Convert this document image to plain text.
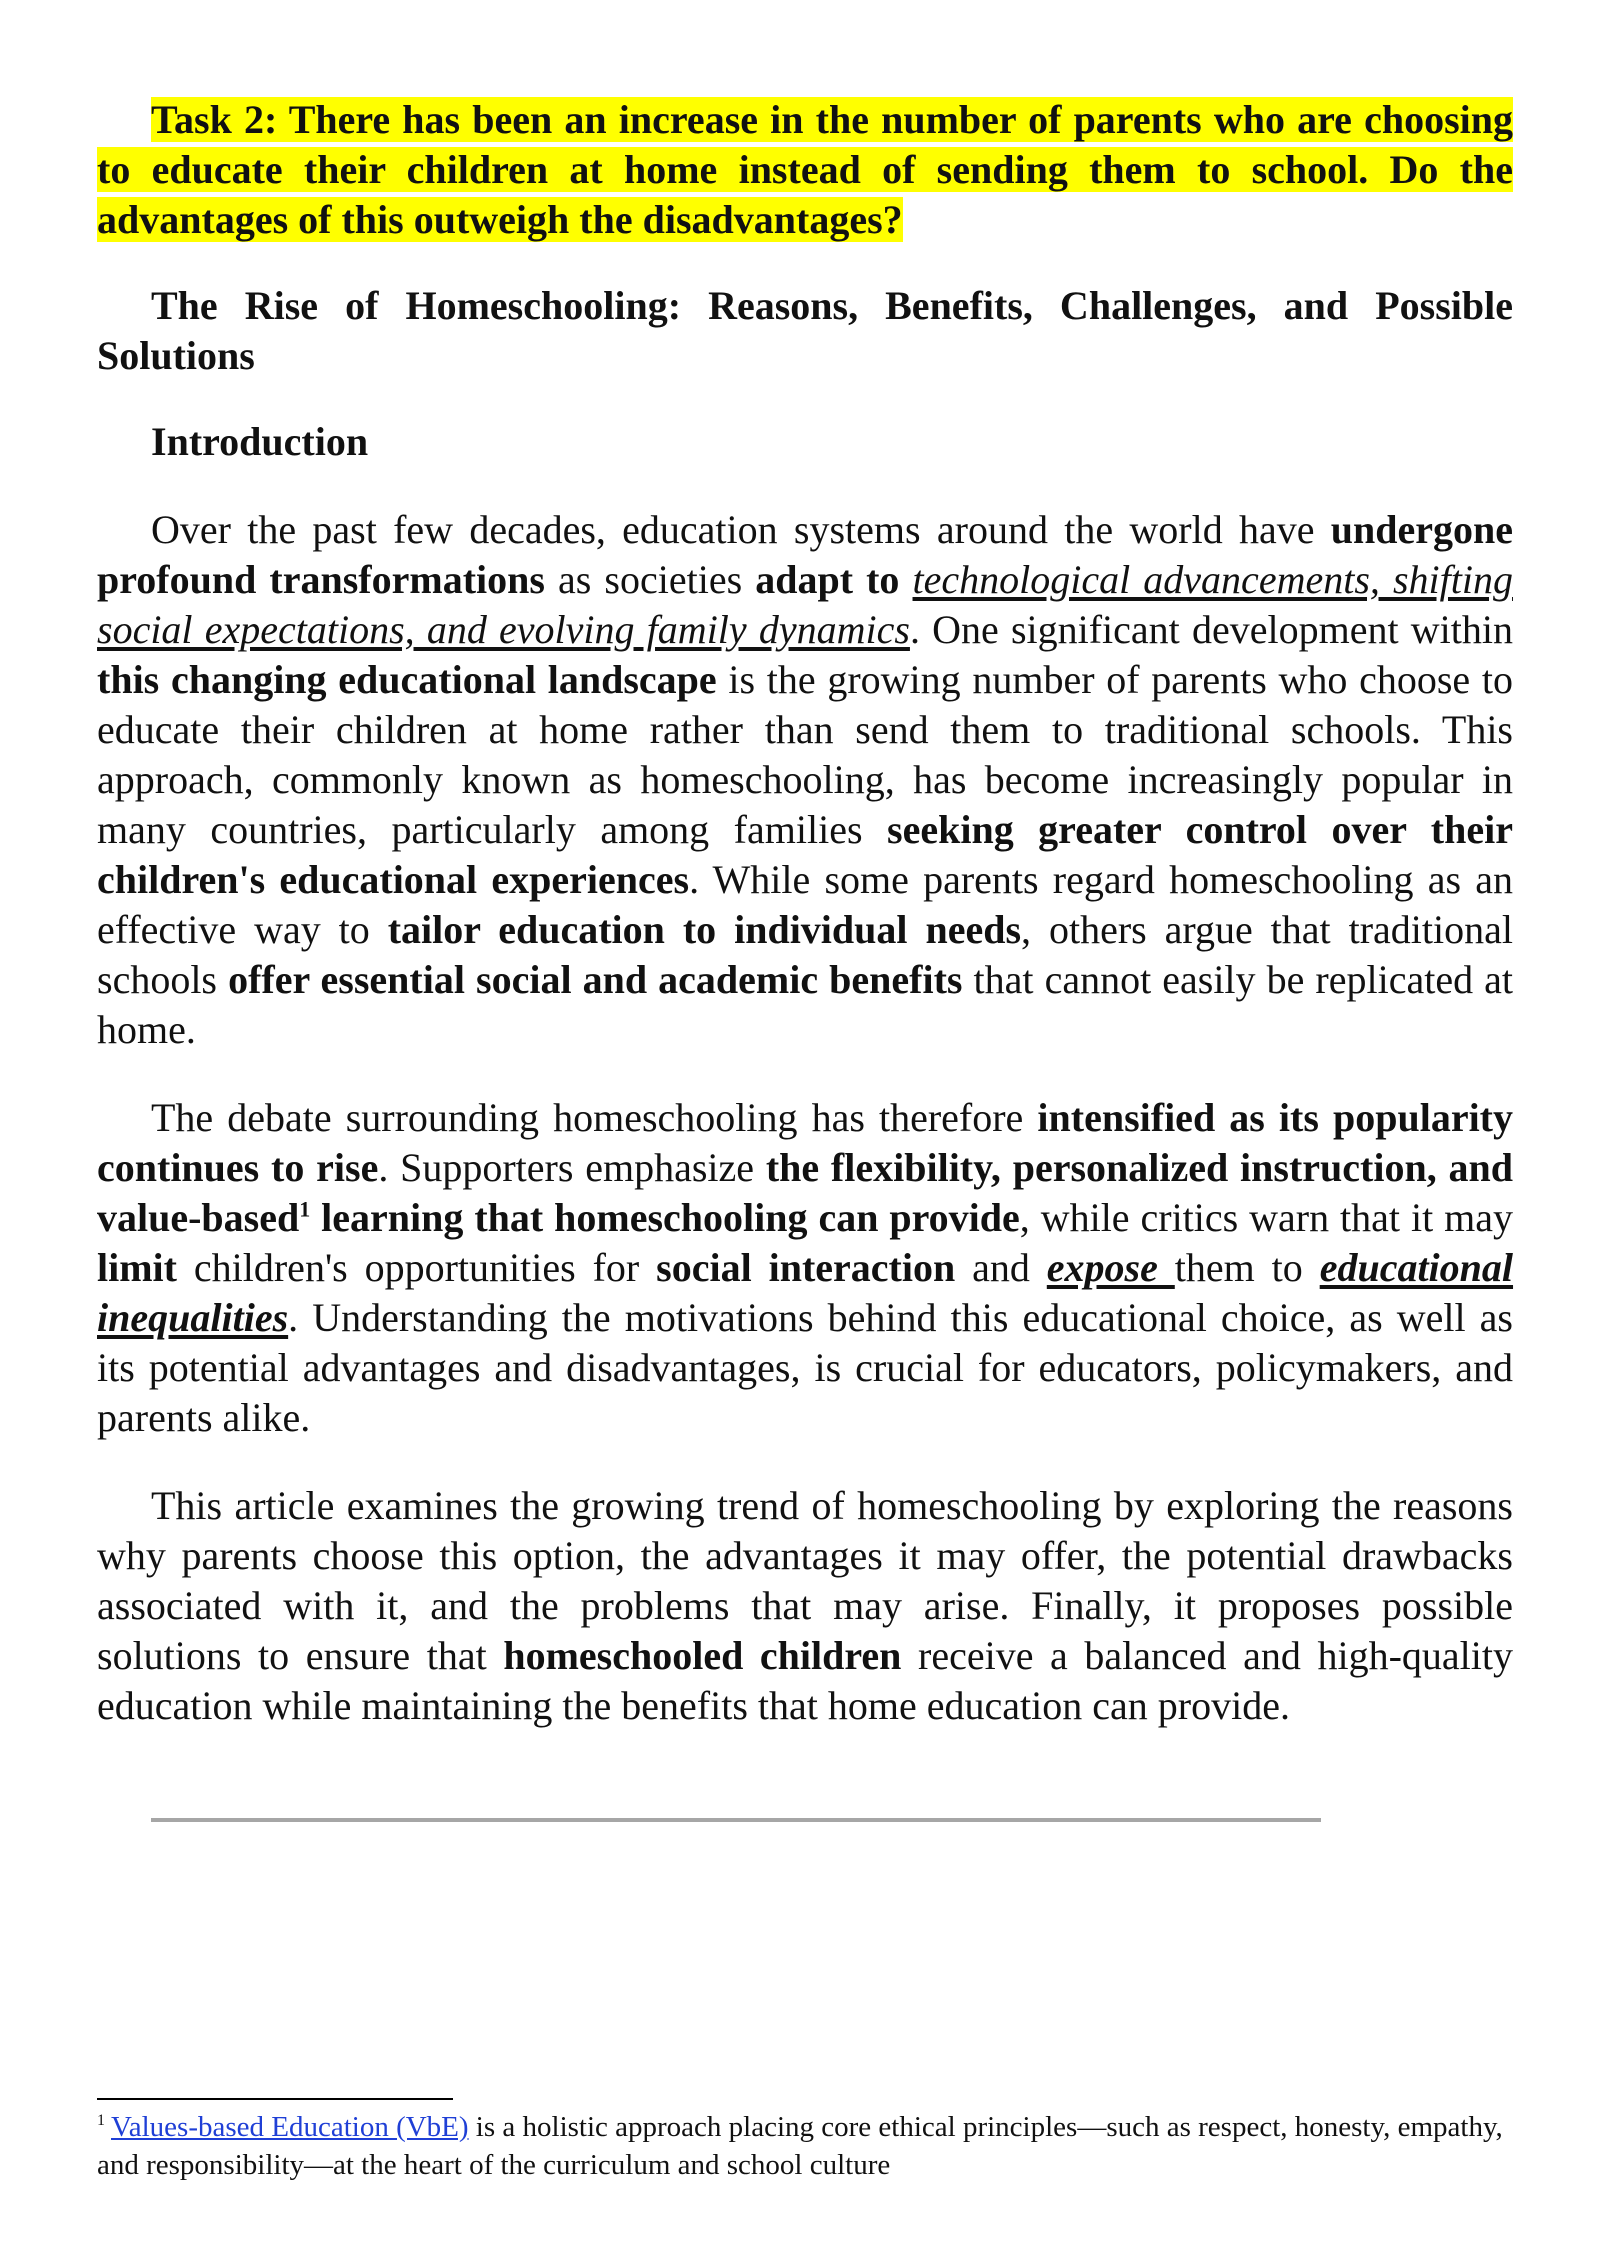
Task 2: There has been an increase in the number of parents who are choosing to educate their children at home instead of sending them to school. Do the advantages of this outweigh the disadvantages?

The Rise of Homeschooling: Reasons, Benefits, Challenges, and Possible Solutions

Introduction

Over the past few decades, education systems around the world have undergone profound transformations as societies adapt to technological advancements, shifting social expectations, and evolving family dynamics. One significant development within this changing educational landscape is the growing number of parents who choose to educate their children at home rather than send them to traditional schools. This approach, commonly known as homeschooling, has become increasingly popular in many countries, particularly among families seeking greater control over their children's educational experiences. While some parents regard homeschooling as an effective way to tailor education to individual needs, others argue that traditional schools offer essential social and academic benefits that cannot easily be replicated at home.

The debate surrounding homeschooling has therefore intensified as its popularity continues to rise. Supporters emphasize the flexibility, personalized instruction, and value-based$^1$ learning that homeschooling can provide, while critics warn that it may limit children's opportunities for social interaction and expose them to educational inequalities. Understanding the motivations behind this educational choice, as well as its potential advantages and disadvantages, is crucial for educators, policymakers, and parents alike.

This article examines the growing trend of homeschooling by exploring the reasons why parents choose this option, the advantages it may offer, the potential drawbacks associated with it, and the problems that may arise. Finally, it proposes possible solutions to ensure that homeschooled children receive a balanced and high-quality education while maintaining the benefits that home education can provide.

$^1$ Values-based Education (VbE) is a holistic approach placing core ethical principles—such as respect, honesty, empathy, and responsibility—at the heart of the curriculum and school culture
